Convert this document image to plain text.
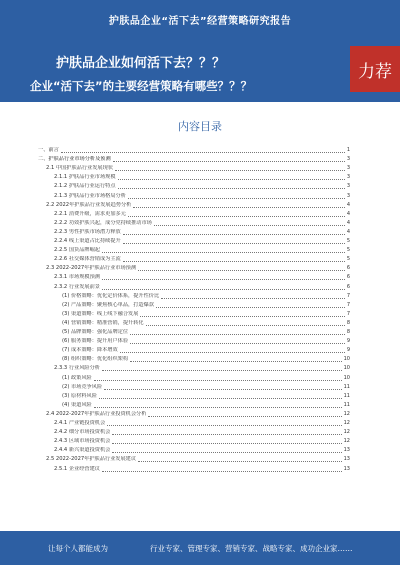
护肤品企业“活下去”经营策略研究报告
护肤品企业如何活下去？？？
企业“活下去”的主要经营策略有哪些？？？
力荐
内容目录
一、前言	1
二、护肤品行业市场分析及预测	3
2.1 中国护肤品行业发展现状	3
2.1.1 护肤品行业市场规模	3
2.1.2 护肤品行业运行特点	3
2.1.3 护肤品行业市场格局分析	3
2.2 2022年护肤品行业发展趋势分析	4
2.2.1 消费升级，需求更加多元	4
2.2.2 功效护肤兴起，成分党持续推动市场	4
2.2.3 男性护肤市场潜力释放	4
2.2.4 线上渠道占比持续提升	5
2.2.5 国货品牌崛起	5
2.2.6 社交媒体营销成为主流	5
2.3 2022-2027年护肤品行业市场预测	6
2.3.1 市场规模预测	6
2.3.2 行业发展前景	6
(1) 价格策略：优化定价体系，提升性价比	7
(2) 产品策略：聚焦核心单品，打造爆款	7
(3) 渠道策略：线上线下融合发展	7
(4) 营销策略：精准营销，提升转化	8
(5) 品牌策略：强化品牌定位	8
(6) 服务策略：提升用户体验	9
(7) 成本策略：降本增效	9
(8) 组织策略：优化组织架构	10
2.3.3 行业风险分析	10
(1) 政策风险	10
(2) 市场竞争风险	11
(3) 原材料风险	11
(4) 渠道风险	11
2.4 2022-2027年护肤品行业投资机会分析	12
2.4.1 产业链投资机会	12
2.4.2 细分市场投资机会	12
2.4.3 区域市场投资机会	12
2.4.4 新兴渠道投资机会	13
2.5 2022-2027年护肤品行业发展建议	13
2.5.1 企业经营建议	13
让每个人都能成为	行业专家、管理专家、营销专家、战略专家、成功企业家……
